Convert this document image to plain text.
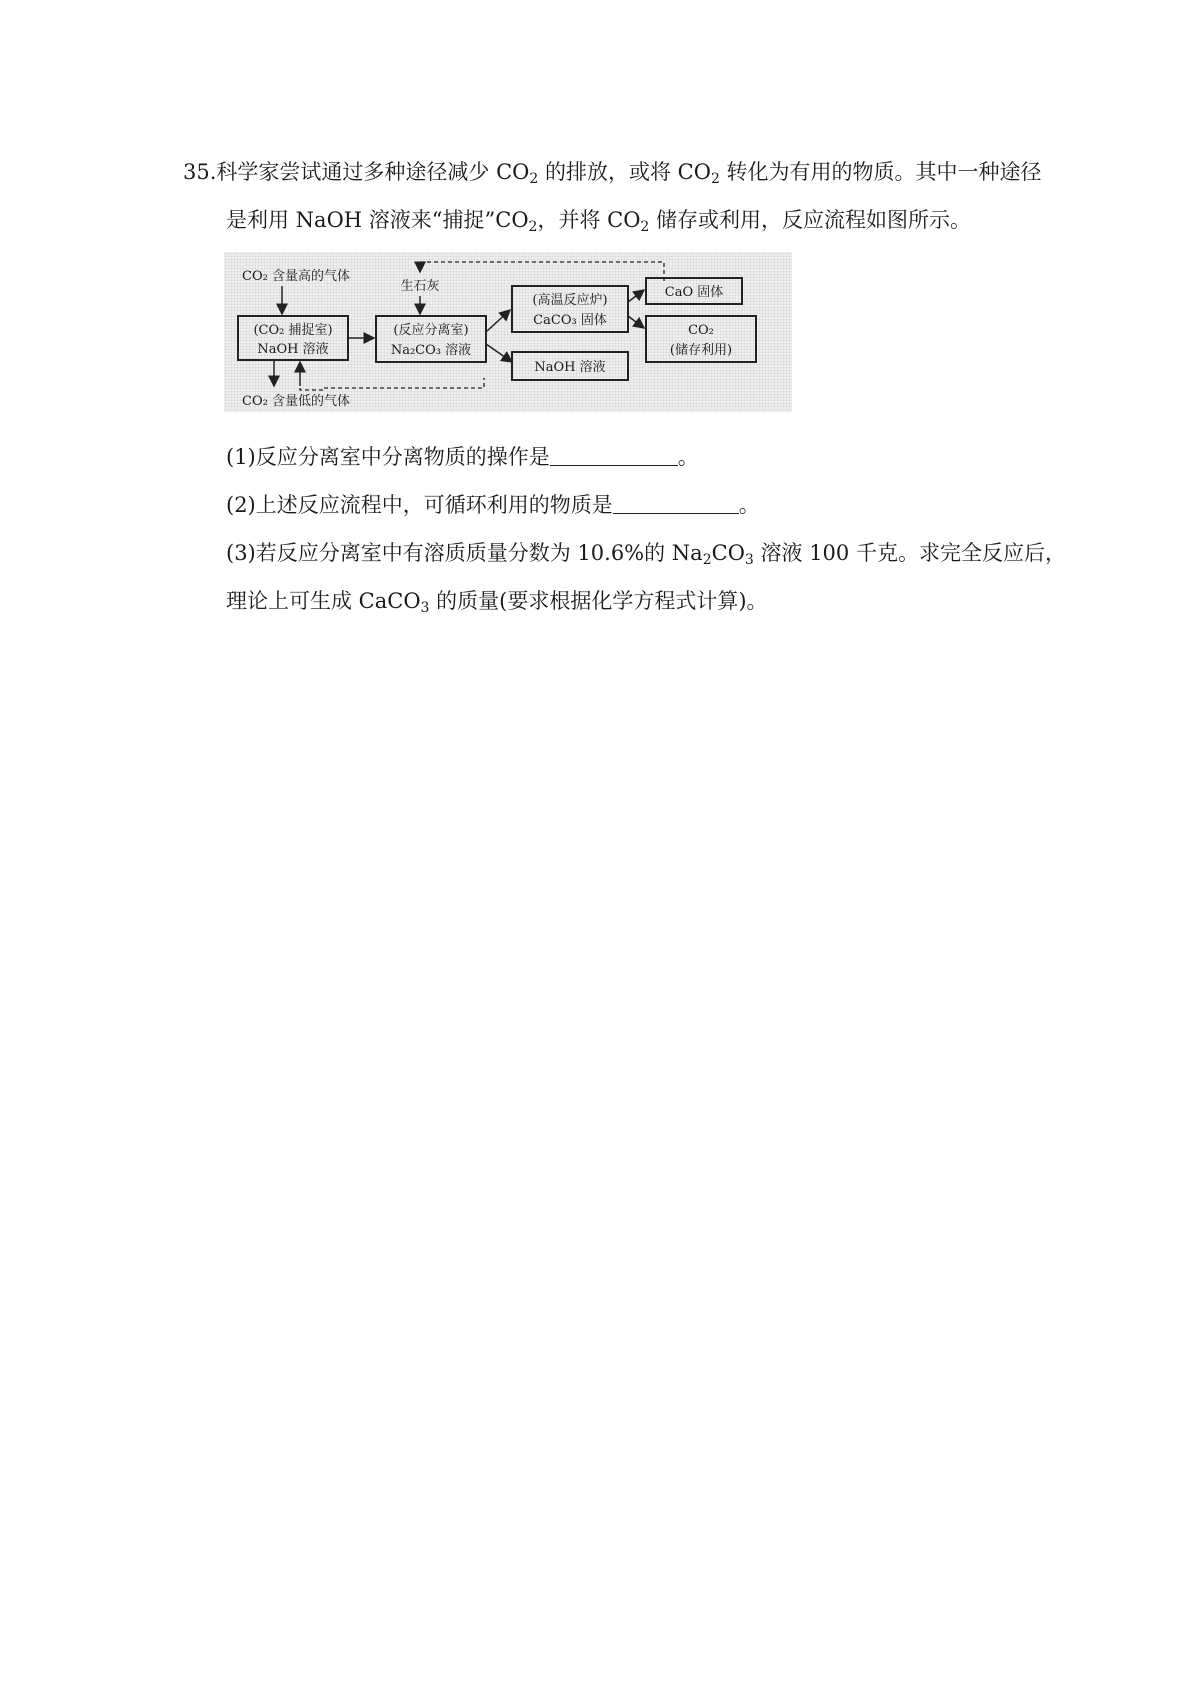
35.科学家尝试通过多种途径减少 $CO_2$ 的排放，或将 $CO_2$ 转化为有用的物质。其中一种途径
是利用 NaOH 溶液来“捕捉$”CO_2$，并将 $CO_2$ 储存或利用，反应流程如图所示。
CO₂ 含量高的气体
(CO₂ 捕捉室)
NaOH 溶液
CO₂ 含量低的气体
生石灰
(反应分离室)
Na₂CO₃ 溶液
(高温反应炉)
CaCO₃ 固体
NaOH 溶液
CaO 固体
CO₂
(储存利用)
(1)反应分离室中分离物质的操作是	。
(2)上述反应流程中，可循环利用的物质是	。
(3)若反应分离室中有溶质质量分数为 10.6%的 $Na_2CO_3$ 溶液 100 千克。求完全反应后，
理论上可生成 CaCO$_3$ 的质量(要求根据化学方程式计算)。
